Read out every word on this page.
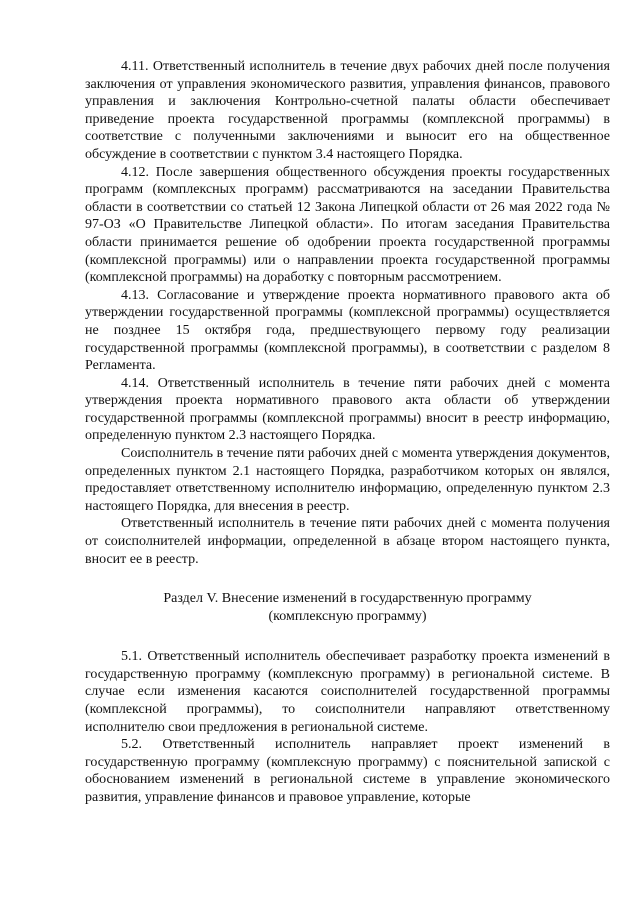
4.11. Ответственный исполнитель в течение двух рабочих дней после получения заключения от управления экономического развития, управления финансов, правового управления и заключения Контрольно-счетной палаты области обеспечивает приведение проекта государственной программы (комплексной программы) в соответствие с полученными заключениями и выносит его на общественное обсуждение в соответствии с пунктом 3.4 настоящего Порядка.

4.12. После завершения общественного обсуждения проекты государственных программ (комплексных программ) рассматриваются на заседании Правительства области в соответствии со статьей 12 Закона Липецкой области от 26 мая 2022 года № 97-ОЗ «О Правительстве Липецкой области». По итогам заседания Правительства области принимается решение об одобрении проекта государственной программы (комплексной программы) или о направлении проекта государственной программы (комплексной программы) на доработку с повторным рассмотрением.

4.13. Согласование и утверждение проекта нормативного правового акта об утверждении государственной программы (комплексной программы) осуществляется не позднее 15 октября года, предшествующего первому году реализации государственной программы (комплексной программы), в соответствии с разделом 8 Регламента.

4.14. Ответственный исполнитель в течение пяти рабочих дней с момента утверждения проекта нормативного правового акта области об утверждении государственной программы (комплексной программы) вносит в реестр информацию, определенную пунктом 2.3 настоящего Порядка.

Соисполнитель в течение пяти рабочих дней с момента утверждения документов, определенных пунктом 2.1 настоящего Порядка, разработчиком которых он являлся, предоставляет ответственному исполнителю информацию, определенную пунктом 2.3 настоящего Порядка, для внесения в реестр.

Ответственный исполнитель в течение пяти рабочих дней с момента получения от соисполнителей информации, определенной в абзаце втором настоящего пункта, вносит ее в реестр.

Раздел V. Внесение изменений в государственную программу
(комплексную программу)

5.1. Ответственный исполнитель обеспечивает разработку проекта изменений в государственную программу (комплексную программу) в региональной системе. В случае если изменения касаются соисполнителей государственной программы (комплексной программы), то соисполнители направляют ответственному исполнителю свои предложения в региональной системе.

5.2. Ответственный исполнитель направляет проект изменений в государственную программу (комплексную программу) с пояснительной запиской с обоснованием изменений в региональной системе в управление экономического развития, управление финансов и правовое управление, которые
